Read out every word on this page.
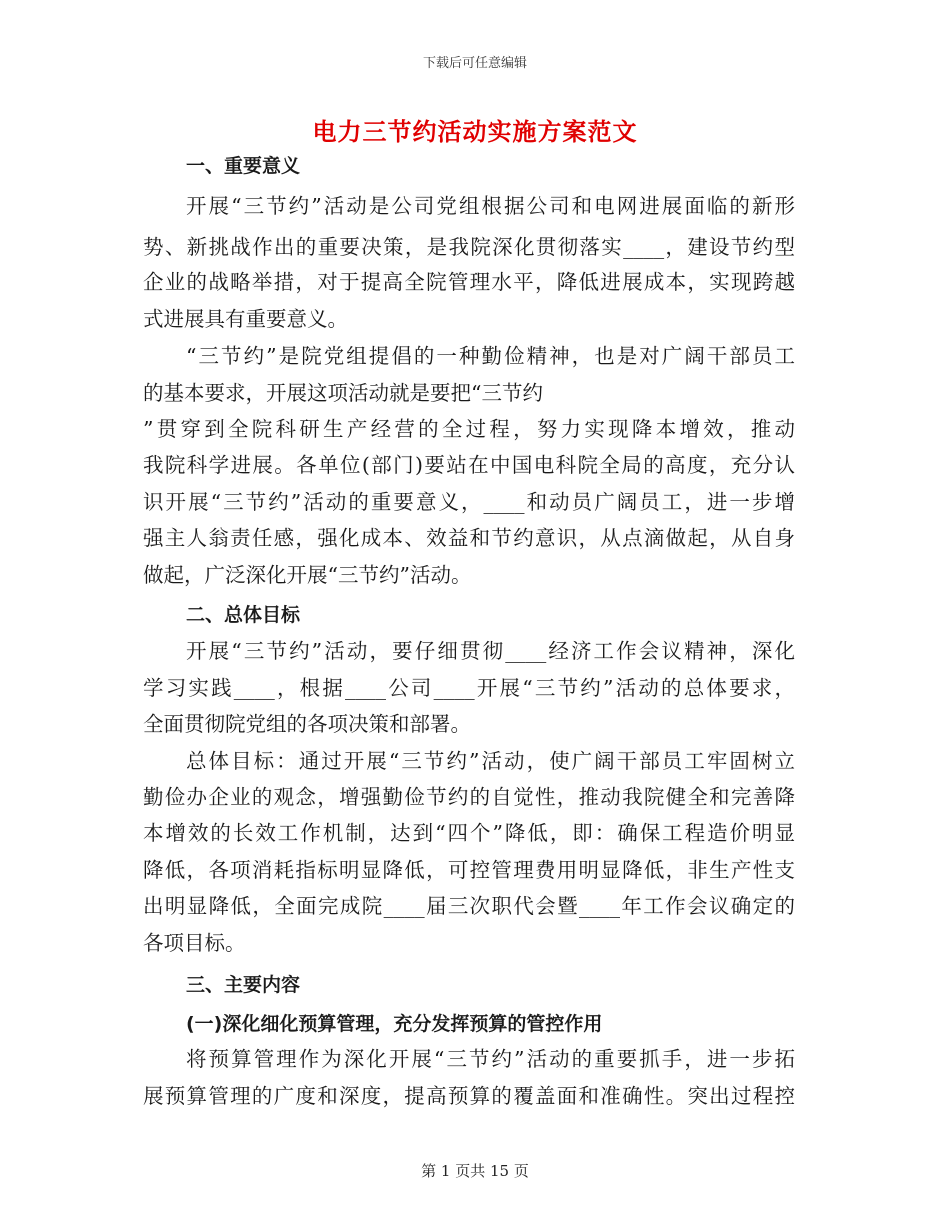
下载后可任意编辑
电力三节约活动实施方案范文
一、重要意义
开展“三节约”活动是公司党组根据公司和电网进展面临的新形
势、新挑战作出的重要决策，是我院深化贯彻落实____，建设节约型
企业的战略举措，对于提高全院管理水平，降低进展成本，实现跨越
式进展具有重要意义。
“三节约”是院党组提倡的一种勤俭精神，也是对广阔干部员工
的基本要求，开展这项活动就是要把“三节约
”贯穿到全院科研生产经营的全过程，努力实现降本增效，推动
我院科学进展。各单位(部门)要站在中国电科院全局的高度，充分认
识开展“三节约”活动的重要意义，____和动员广阔员工，进一步增
强主人翁责任感，强化成本、效益和节约意识，从点滴做起，从自身
做起，广泛深化开展“三节约”活动。
二、总体目标
开展“三节约”活动，要仔细贯彻____经济工作会议精神，深化
学习实践____，根据____公司____开展“三节约”活动的总体要求，
全面贯彻院党组的各项决策和部署。
总体目标：通过开展“三节约”活动，使广阔干部员工牢固树立
勤俭办企业的观念，增强勤俭节约的自觉性，推动我院健全和完善降
本增效的长效工作机制，达到“四个”降低，即：确保工程造价明显
降低，各项消耗指标明显降低，可控管理费用明显降低，非生产性支
出明显降低，全面完成院____届三次职代会暨____年工作会议确定的
各项目标。
三、主要内容
(一)深化细化预算管理，充分发挥预算的管控作用
将预算管理作为深化开展“三节约”活动的重要抓手，进一步拓
展预算管理的广度和深度，提高预算的覆盖面和准确性。突出过程控
第 1 页共 15 页
